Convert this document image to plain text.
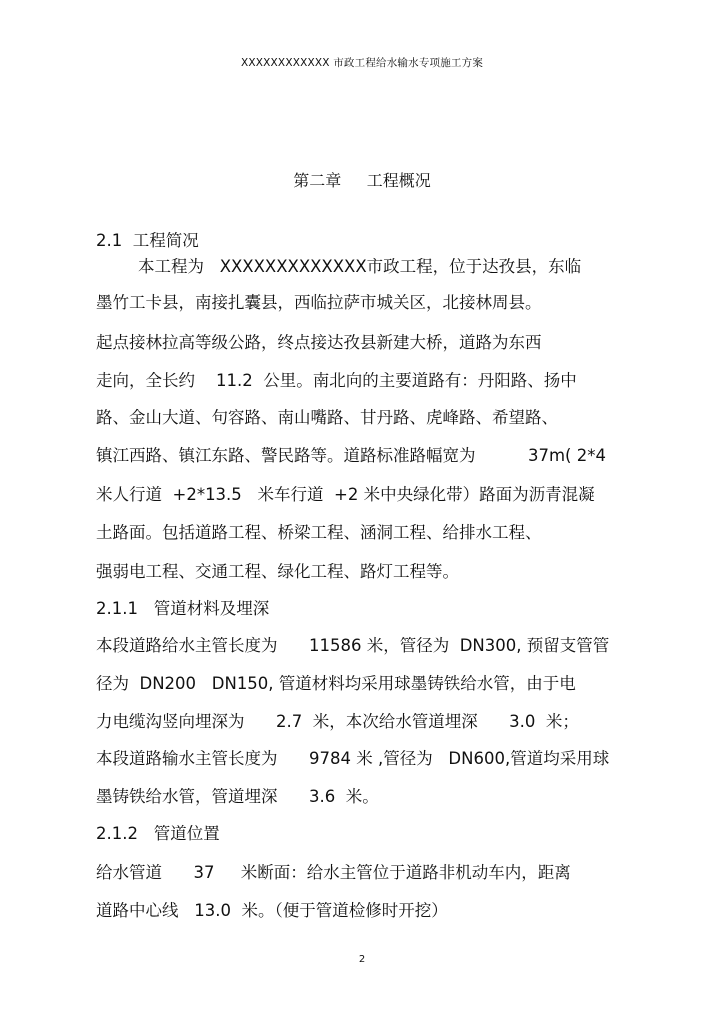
XXXXXXXXXXXX 市政工程给水输水专项施工方案
第二章     工程概况
2.1  工程简况
本工程为   XXXXXXXXXXXXX市政工程，位于达孜县，东临
墨竹工卡县，南接扎囊县，西临拉萨市城关区，北接林周县。
起点接林拉高等级公路，终点接达孜县新建大桥，道路为东西
走向，全长约    11.2  公里。南北向的主要道路有：丹阳路、扬中
路、金山大道、句容路、南山嘴路、甘丹路、虎峰路、希望路、
镇江西路、镇江东路、警民路等。道路标准路幅宽为          37m( 2*4
米人行道  +2*13.5   米车行道  +2 米中央绿化带）路面为沥青混凝
土路面。包括道路工程、桥梁工程、涵洞工程、给排水工程、
强弱电工程、交通工程、绿化工程、路灯工程等。
2.1.1   管道材料及埋深
本段道路给水主管长度为      11586 米，管径为  DN300, 预留支管管
径为  DN200   DN150, 管道材料均采用球墨铸铁给水管，由于电
力电缆沟竖向埋深为      2.7  米，本次给水管道埋深      3.0  米；
本段道路输水主管长度为      9784 米 ,管径为   DN600,管道均采用球
墨铸铁给水管，管道埋深      3.6  米。
2.1.2   管道位置
给水管道      37     米断面：给水主管位于道路非机动车内，距离
道路中心线   13.0  米。（便于管道检修时开挖）
2
